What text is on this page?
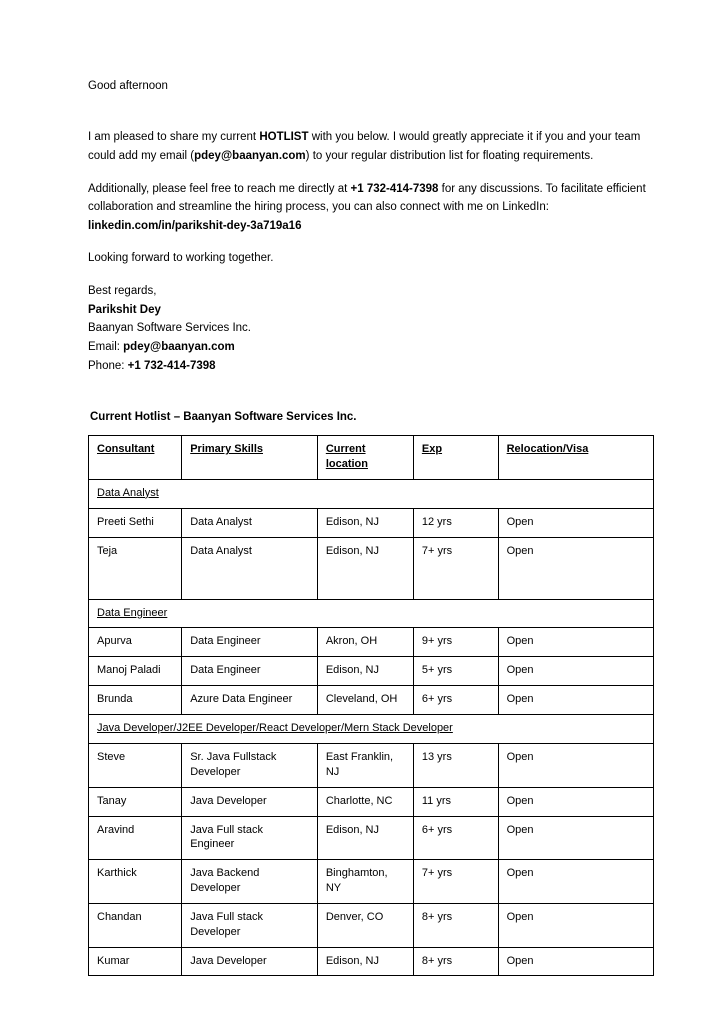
Good afternoon

I am pleased to share my current HOTLIST with you below. I would greatly appreciate it if you and your team could add my email (pdey@baanyan.com) to your regular distribution list for floating requirements.

Additionally, please feel free to reach me directly at +1 732-414-7398 for any discussions. To facilitate efficient collaboration and streamline the hiring process, you can also connect with me on LinkedIn: linkedin.com/in/parikshit-dey-3a719a16

Looking forward to working together.

Best regards,
Parikshit Dey
Baanyan Software Services Inc.
Email: pdey@baanyan.com
Phone: +1 732-414-7398
Current Hotlist – Baanyan Software Services Inc.
Consultant	Primary Skills	Current location	Exp	Relocation/Visa
Data Analyst				
Preeti Sethi	Data Analyst	Edison, NJ	12 yrs	Open
Teja	Data Analyst	Edison, NJ	7+ yrs	Open
Data Engineer				
Apurva	Data Engineer	Akron, OH	9+ yrs	Open
Manoj Paladi	Data Engineer	Edison, NJ	5+ yrs	Open
Brunda	Azure Data Engineer	Cleveland, OH	6+ yrs	Open
Java Developer/J2EE Developer/React Developer/Mern Stack Developer				
Steve	Sr. Java Fullstack Developer	East Franklin, NJ	13 yrs	Open
Tanay	Java Developer	Charlotte, NC	11 yrs	Open
Aravind	Java Full stack Engineer	Edison, NJ	6+ yrs	Open
Karthick	Java Backend Developer	Binghamton, NY	7+ yrs	Open
Chandan	Java Full stack Developer	Denver, CO	8+ yrs	Open
Kumar	Java Developer	Edison, NJ	8+ yrs	Open
